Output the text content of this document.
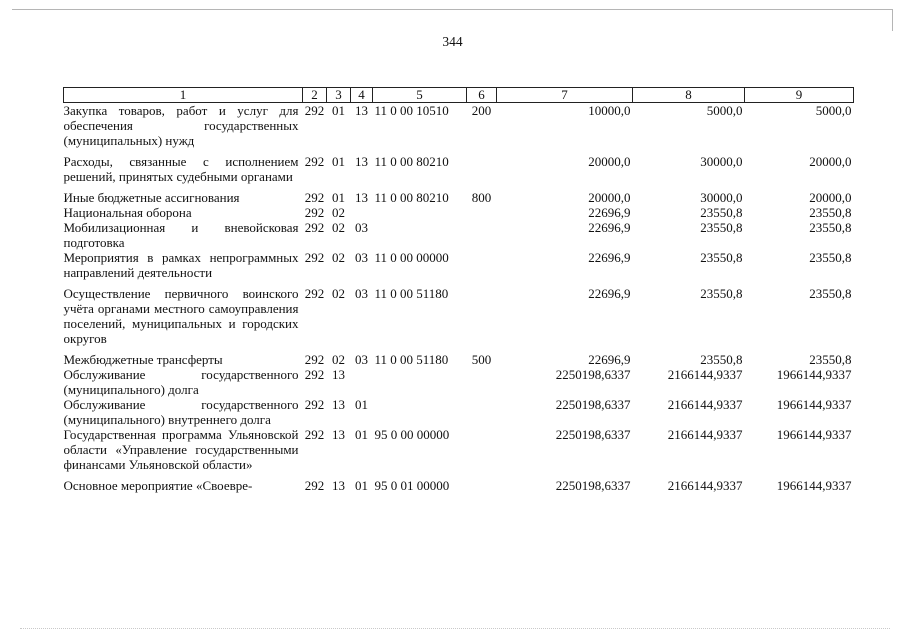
344
1	2	3	4	5	6	7	8	9
Закупка товаров, работ и услуг для обеспечения государственных (муниципальных) нужд	292	01	13	11 0 00 10510	200	10000,0	5000,0	5000,0
Расходы, связанные с исполнением решений, принятых судебными органами	292	01	13	11 0 00 80210		20000,0	30000,0	20000,0
Иные бюджетные ассигнования	292	01	13	11 0 00 80210	800	20000,0	30000,0	20000,0
Национальная оборона	292	02				22696,9	23550,8	23550,8
Мобилизационная и вневойсковая подготовка	292	02	03			22696,9	23550,8	23550,8
Мероприятия в рамках непрограммных направлений деятельности	292	02	03	11 0 00 00000		22696,9	23550,8	23550,8
Осуществление первичного воинского учёта органами местного самоуправления поселений, муниципальных и городских округов	292	02	03	11 0 00 51180		22696,9	23550,8	23550,8
Межбюджетные трансферты	292	02	03	11 0 00 51180	500	22696,9	23550,8	23550,8
Обслуживание государственного (муниципального) долга	292	13				2250198,6337	2166144,9337	1966144,9337
Обслуживание государственного (муниципального) внутреннего долга	292	13	01			2250198,6337	2166144,9337	1966144,9337
Государственная программа Ульяновской области «Управление государственными финансами Ульяновской области»	292	13	01	95 0 00 00000		2250198,6337	2166144,9337	1966144,9337
Основное мероприятие «Своевре-	292	13	01	95 0 01 00000		2250198,6337	2166144,9337	1966144,9337
